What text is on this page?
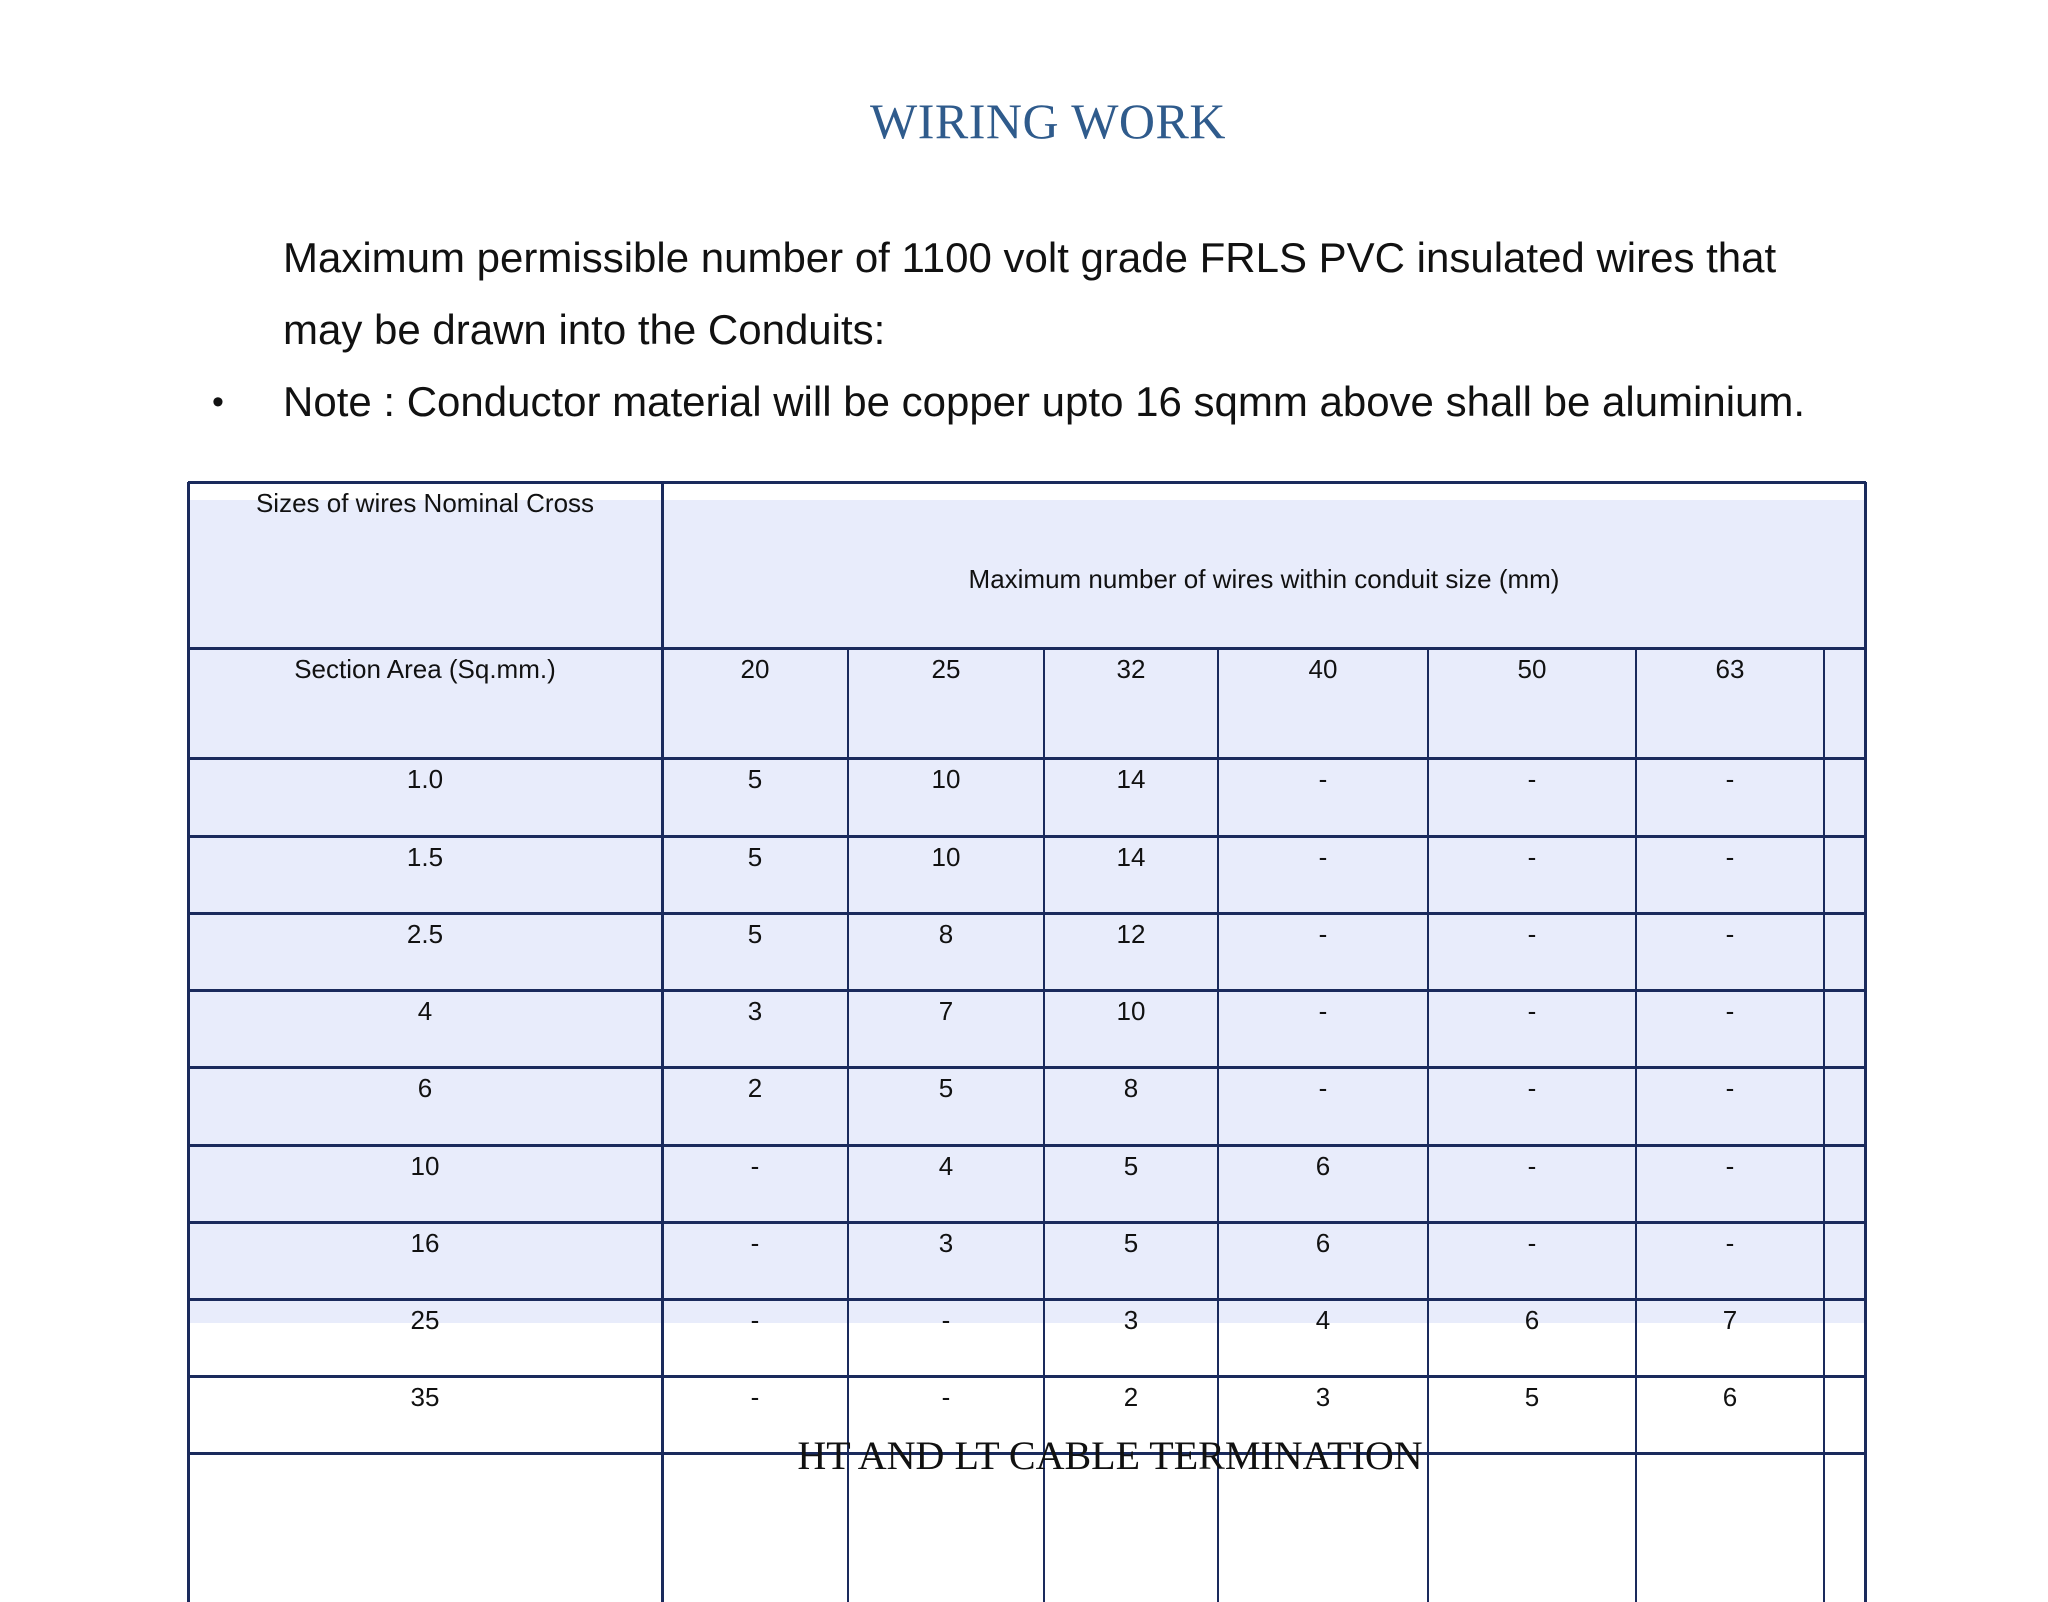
WIRING WORK
Maximum permissible number of 1100 volt grade FRLS PVC insulated wires that may be drawn into the Conduits:
• Note : Conductor material will be copper upto 16 sqmm above shall be aluminium.
Sizes of wires Nominal Cross
Maximum number of wires within conduit size (mm)
Section Area (Sq.mm.)	20	25	32	40	50	63
1.0	5	10	14	-	-	-
1.5	5	10	14	-	-	-
2.5	5	8	12	-	-	-
4	3	7	10	-	-	-
6	2	5	8	-	-	-
10	-	4	5	6	-	-
16	-	3	5	6	-	-
25	-	-	3	4	6	7
35	-	-	2	3	5	6
HT AND LT CABLE TERMINATION
